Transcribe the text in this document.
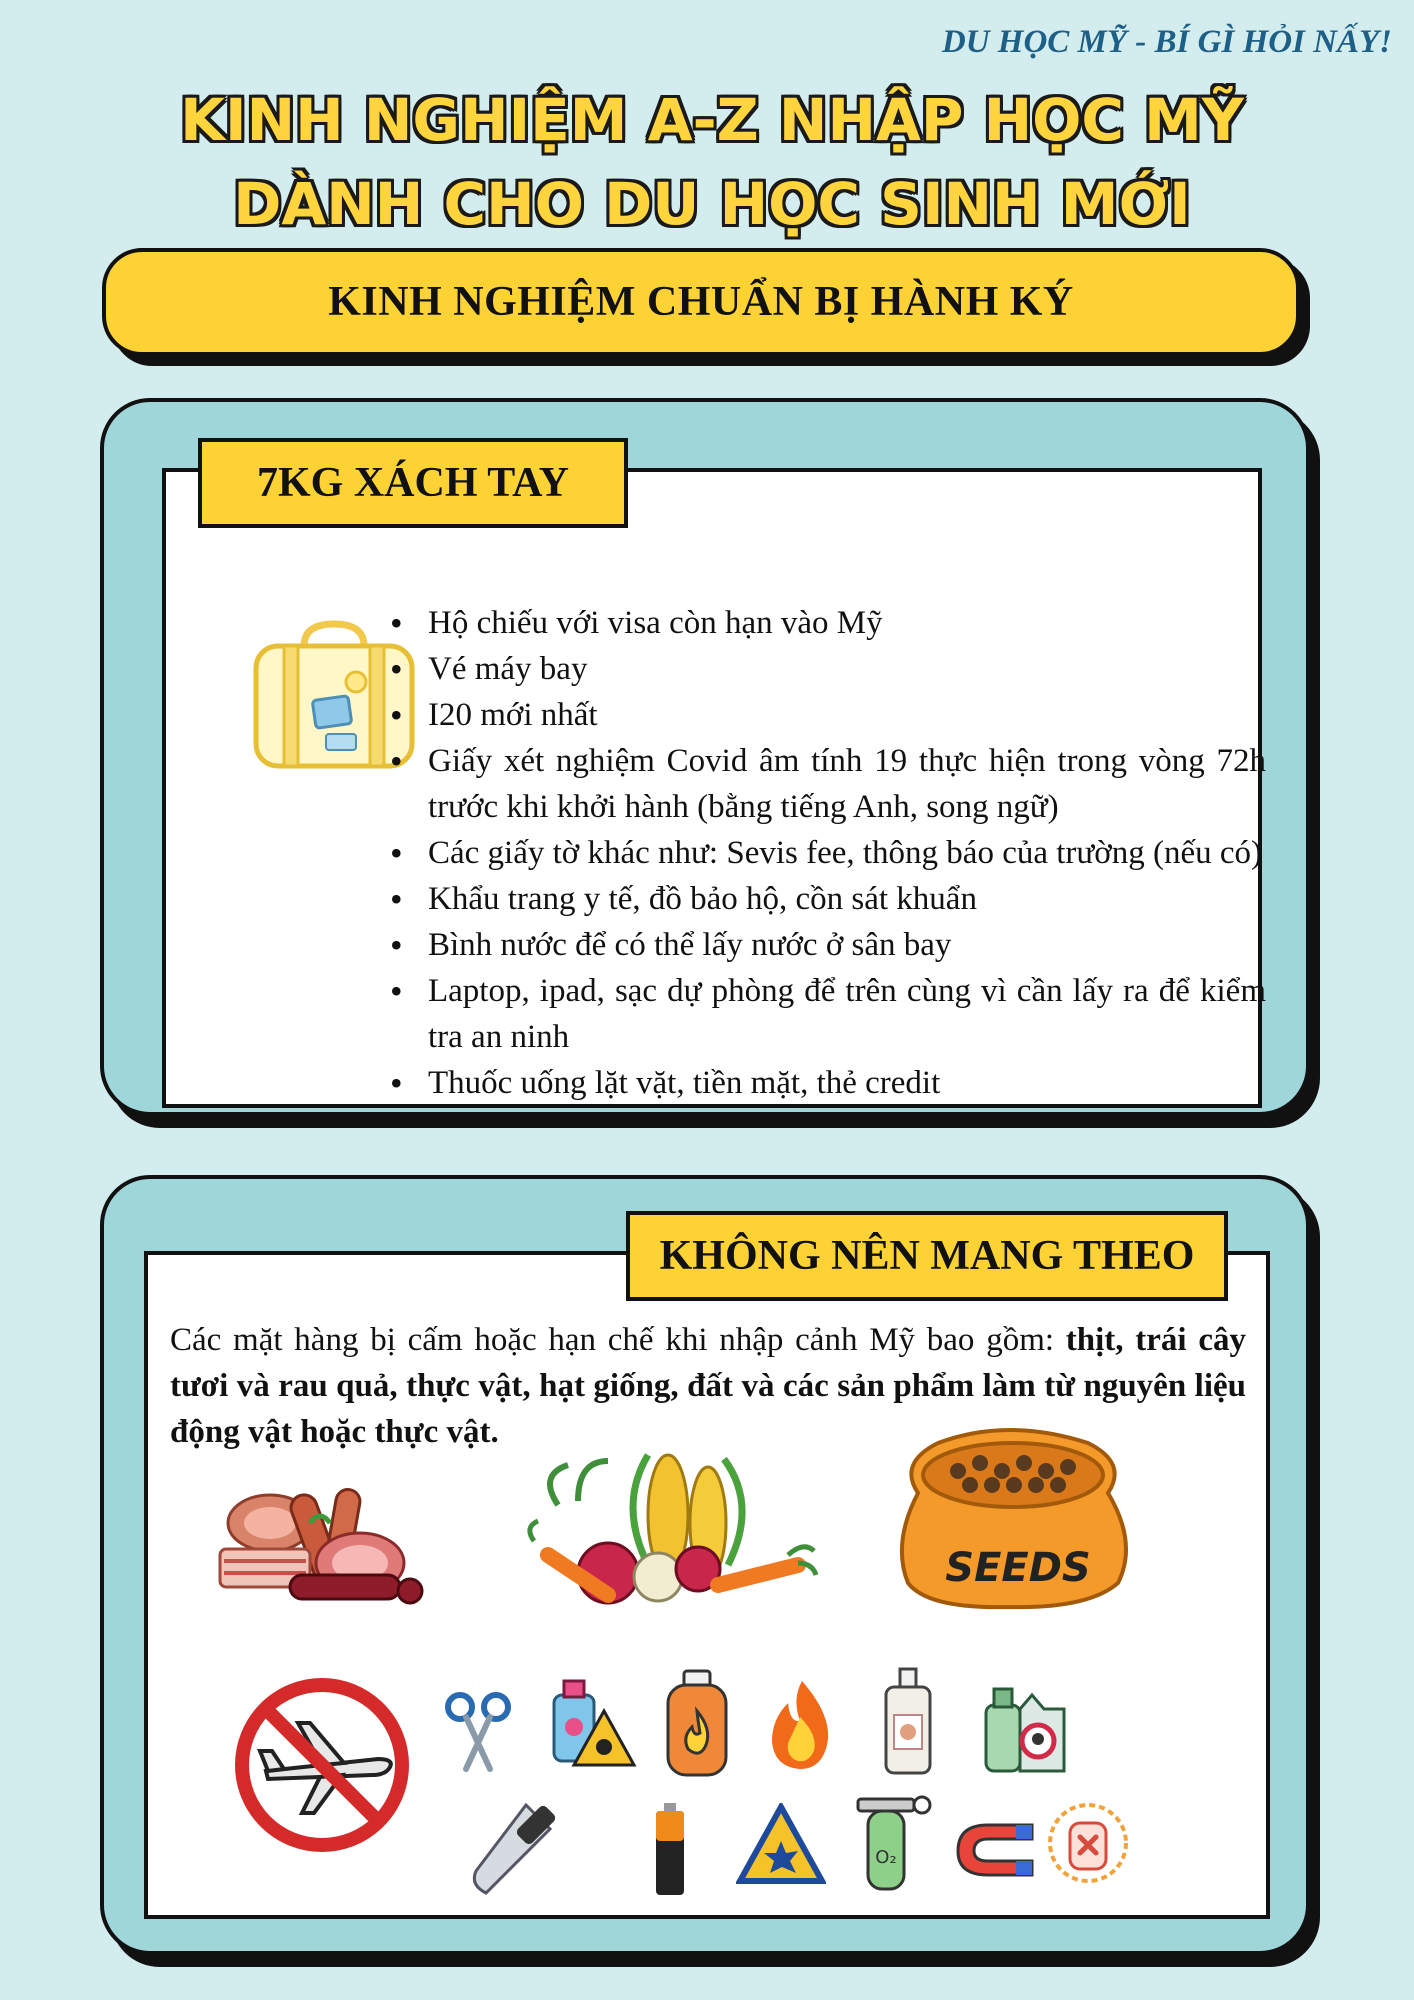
DU HỌC MỸ - BÍ GÌ HỎI NẤY!
KINH NGHIỆM A-Z NHẬP HỌC MỸ
DÀNH CHO DU HỌC SINH MỚI
KINH NGHIỆM CHUẨN BỊ HÀNH KÝ
• Hộ chiếu với visa còn hạn vào Mỹ
• Vé máy bay
• I20 mới nhất
• Giấy xét nghiệm Covid âm tính 19 thực hiện trong vòng 72h trước khi khởi hành (bằng tiếng Anh, song ngữ)
• Các giấy tờ khác như: Sevis fee, thông báo của trường (nếu có)
• Khẩu trang y tế, đồ bảo hộ, cồn sát khuẩn
• Bình nước để có thể lấy nước ở sân bay
• Laptop, ipad, sạc dự phòng để trên cùng vì cần lấy ra để kiểm tra an ninh
• Thuốc uống lặt vặt, tiền mặt, thẻ credit
7KG XÁCH TAY

Các mặt hàng bị cấm hoặc hạn chế khi nhập cảnh Mỹ bao gồm: thịt, trái cây tươi và rau quả, thực vật, hạt giống, đất và các sản phẩm làm từ nguyên liệu động vật hoặc thực vật.

SEEDS
O₂
KHÔNG NÊN MANG THEO
